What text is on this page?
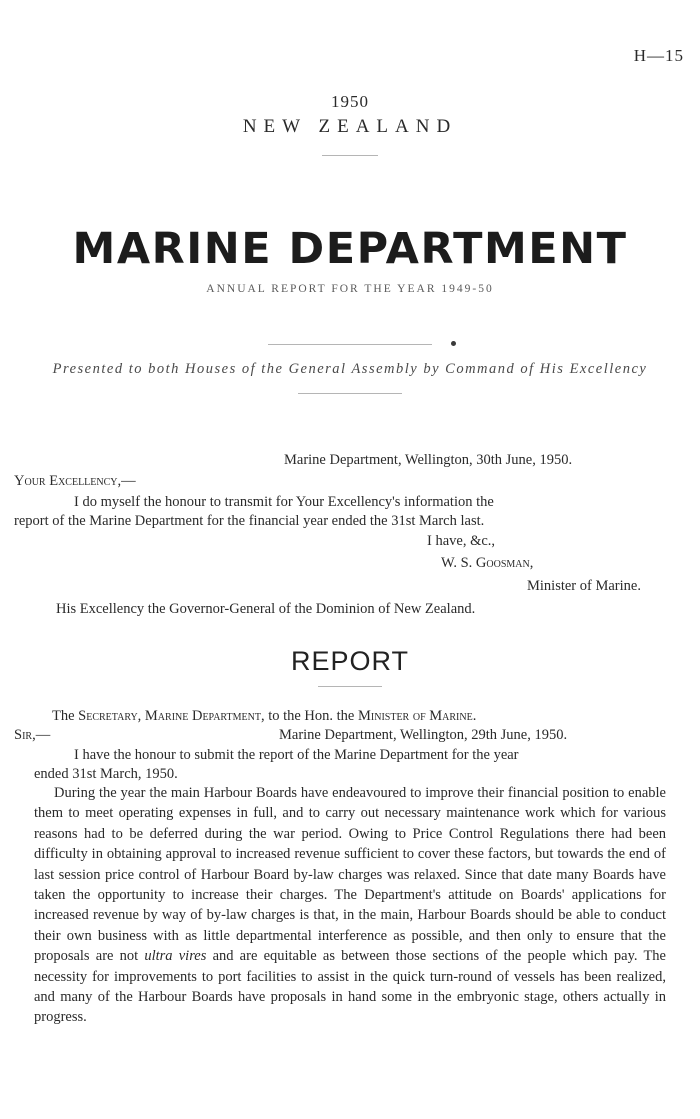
H—15
1950
NEW ZEALAND
MARINE DEPARTMENT
ANNUAL REPORT FOR THE YEAR 1949-50
Presented to both Houses of the General Assembly by Command of His Excellency
Marine Department, Wellington, 30th June, 1950.
Your Excellency,—
I do myself the honour to transmit for Your Excellency's information the
report of the Marine Department for the financial year ended the 31st March last.
I have, &c.,
W. S. Goosman,
Minister of Marine.
His Excellency the Governor-General of the Dominion of New Zealand.
REPORT
The Secretary, Marine Department, to the Hon. the Minister of Marine.
Sir,—	Marine Department, Wellington, 29th June, 1950.
I have the honour to submit the report of the Marine Department for the year
ended 31st March, 1950.
During the year the main Harbour Boards have endeavoured to improve their financial position to enable them to meet operating expenses in full, and to carry out necessary maintenance work which for various reasons had to be deferred during the war period. Owing to Price Control Regulations there had been difficulty in obtaining approval to increased revenue sufficient to cover these factors, but towards the end of last session price control of Harbour Board by-law charges was relaxed. Since that date many Boards have taken the opportunity to increase their charges. The Department's attitude on Boards' applications for increased revenue by way of by-law charges is that, in the main, Harbour Boards should be able to conduct their own business with as little departmental interference as possible, and then only to ensure that the proposals are not ultra vires and are equitable as between those sections of the people which pay. The necessity for improvements to port facilities to assist in the quick turn-round of vessels has been realized, and many of the Harbour Boards have proposals in hand some in the embryonic stage, others actually in progress.
